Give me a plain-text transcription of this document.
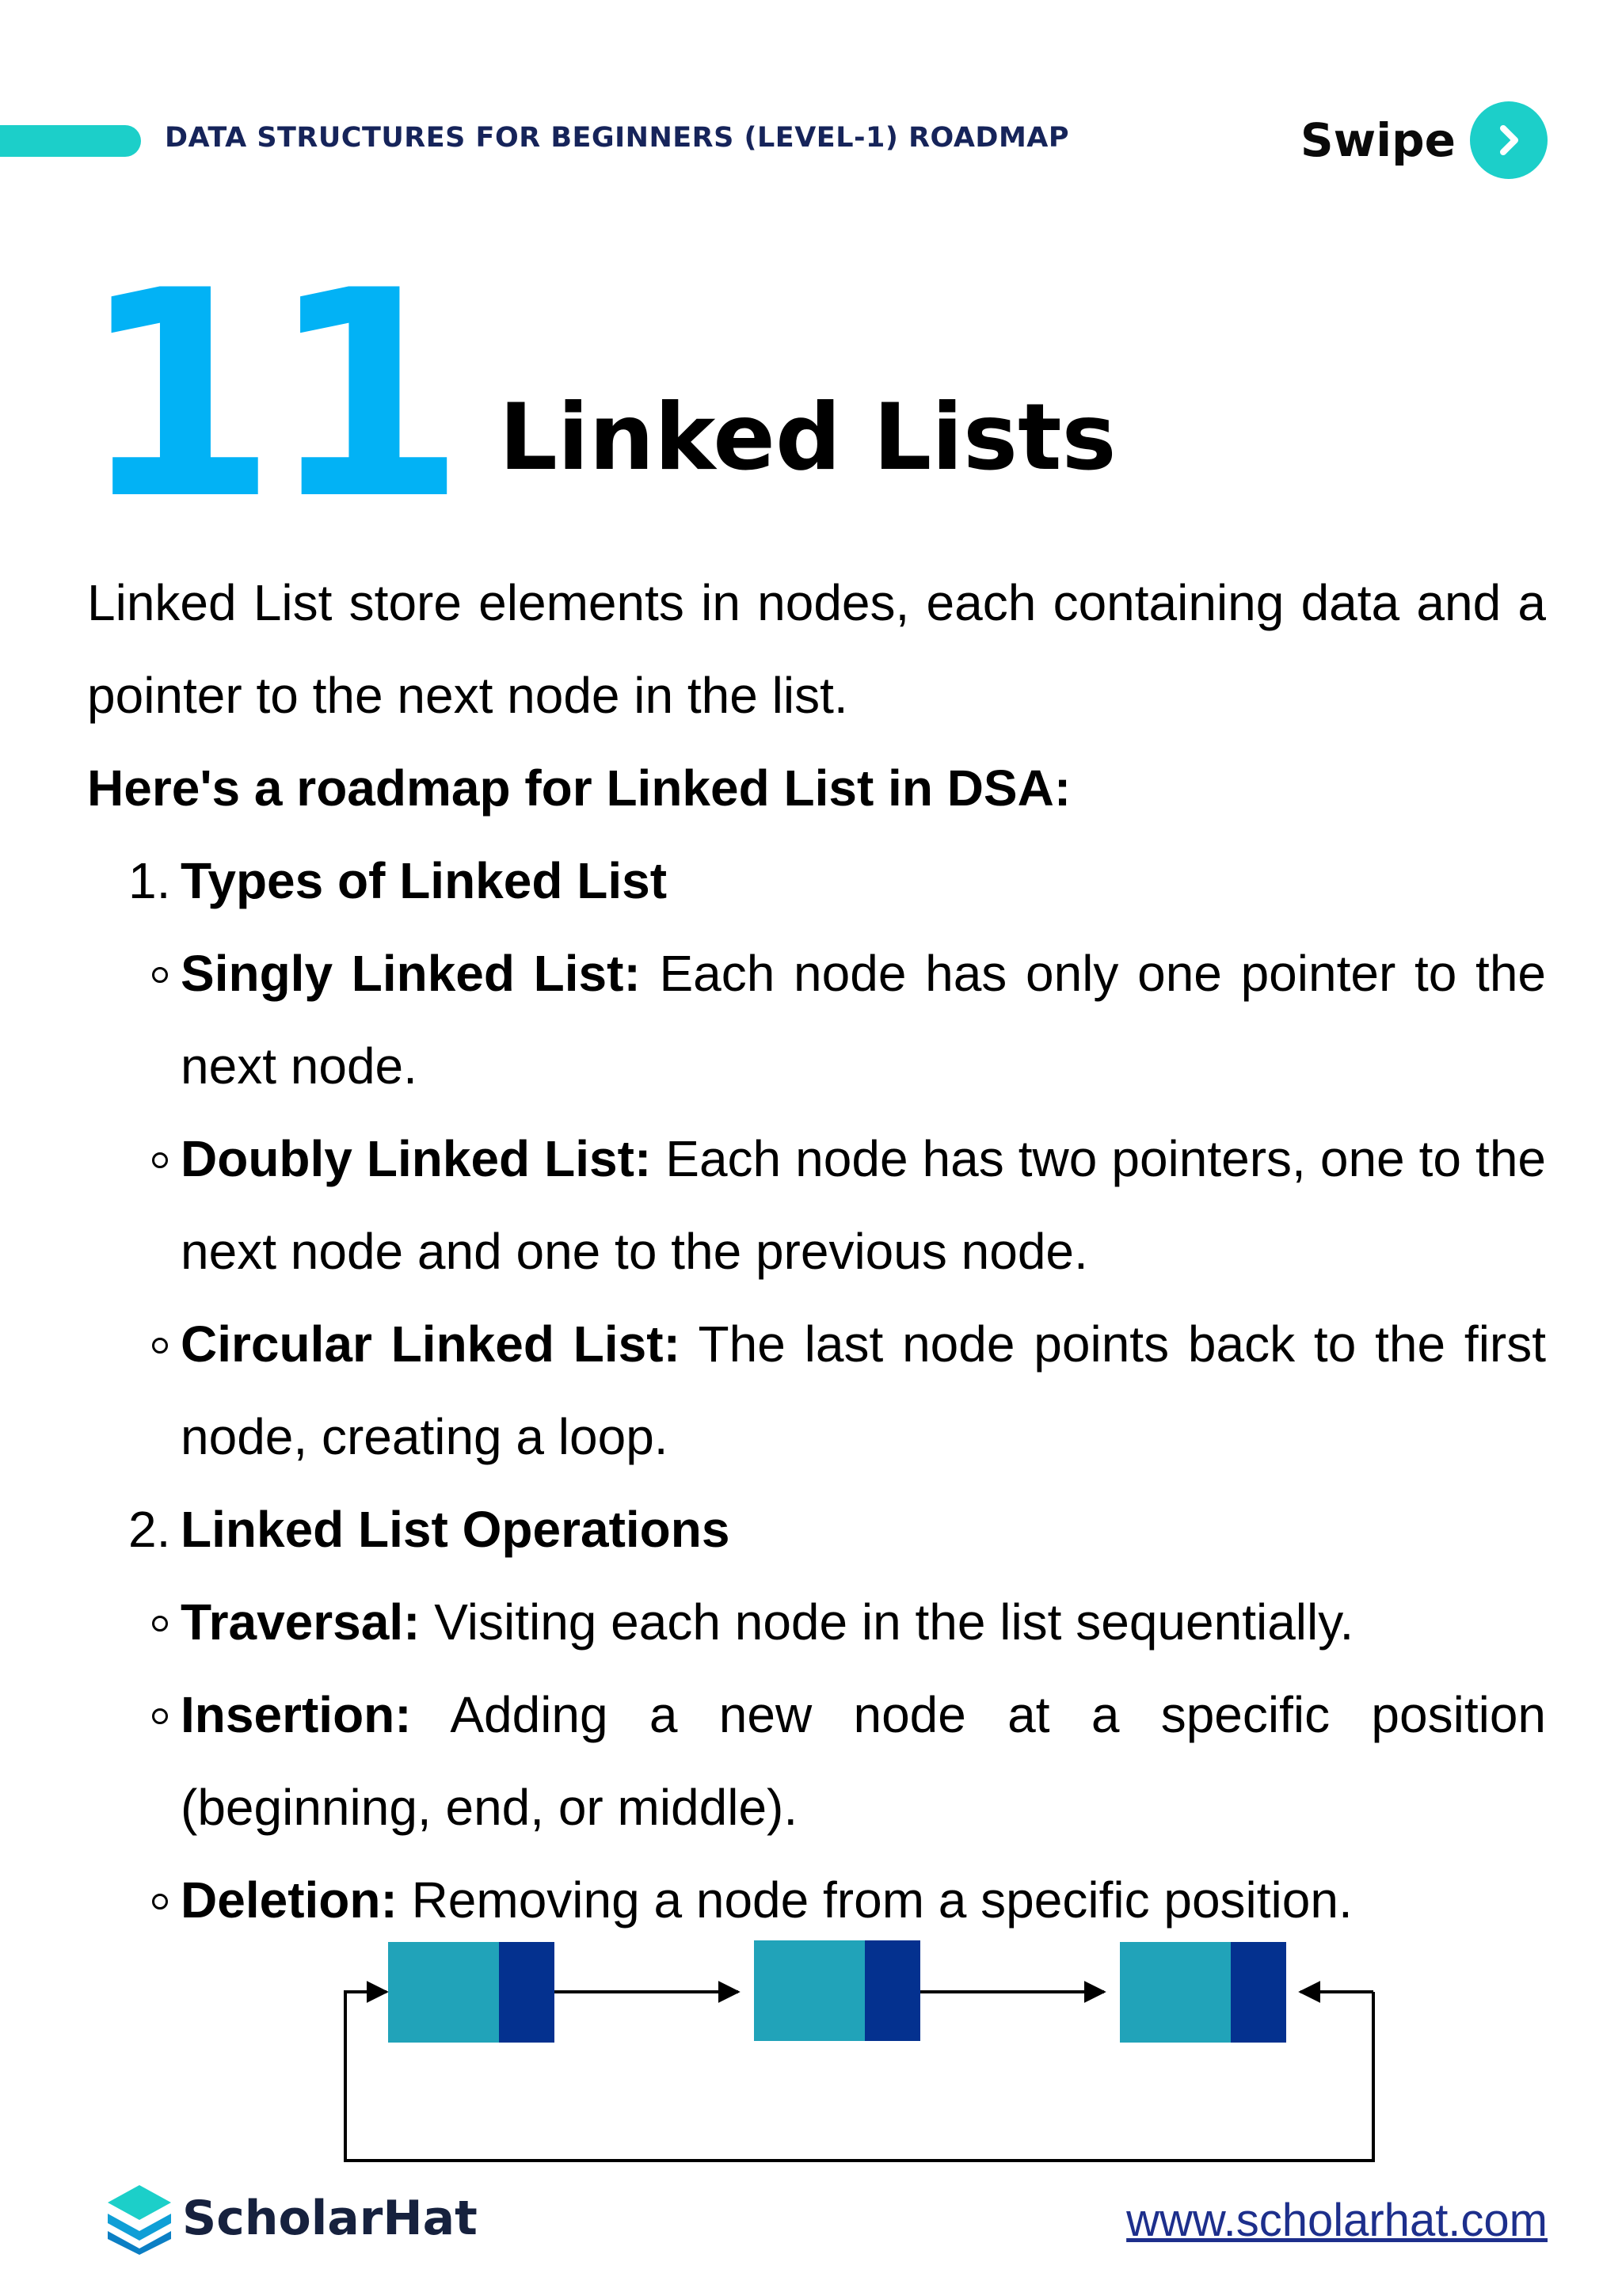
DATA STRUCTURES FOR BEGINNERS (LEVEL-1) ROADMAP	Swipe
11 Linked Lists

Linked List store elements in nodes, each containing data and a pointer to the next node in the list.

Here's a roadmap for Linked List in DSA:

1. Types of Linked List
Singly Linked List: Each node has only one pointer to the next node.
Doubly Linked List: Each node has two pointers, one to the next node and one to the previous node.
Circular Linked List: The last node points back to the first node, creating a loop.
2. Linked List Operations
Traversal: Visiting each node in the list sequentially.
Insertion: Adding a new node at a specific position (beginning, end, or middle).
Deletion: Removing a node from a specific position.
ScholarHat	www.scholarhat.com
